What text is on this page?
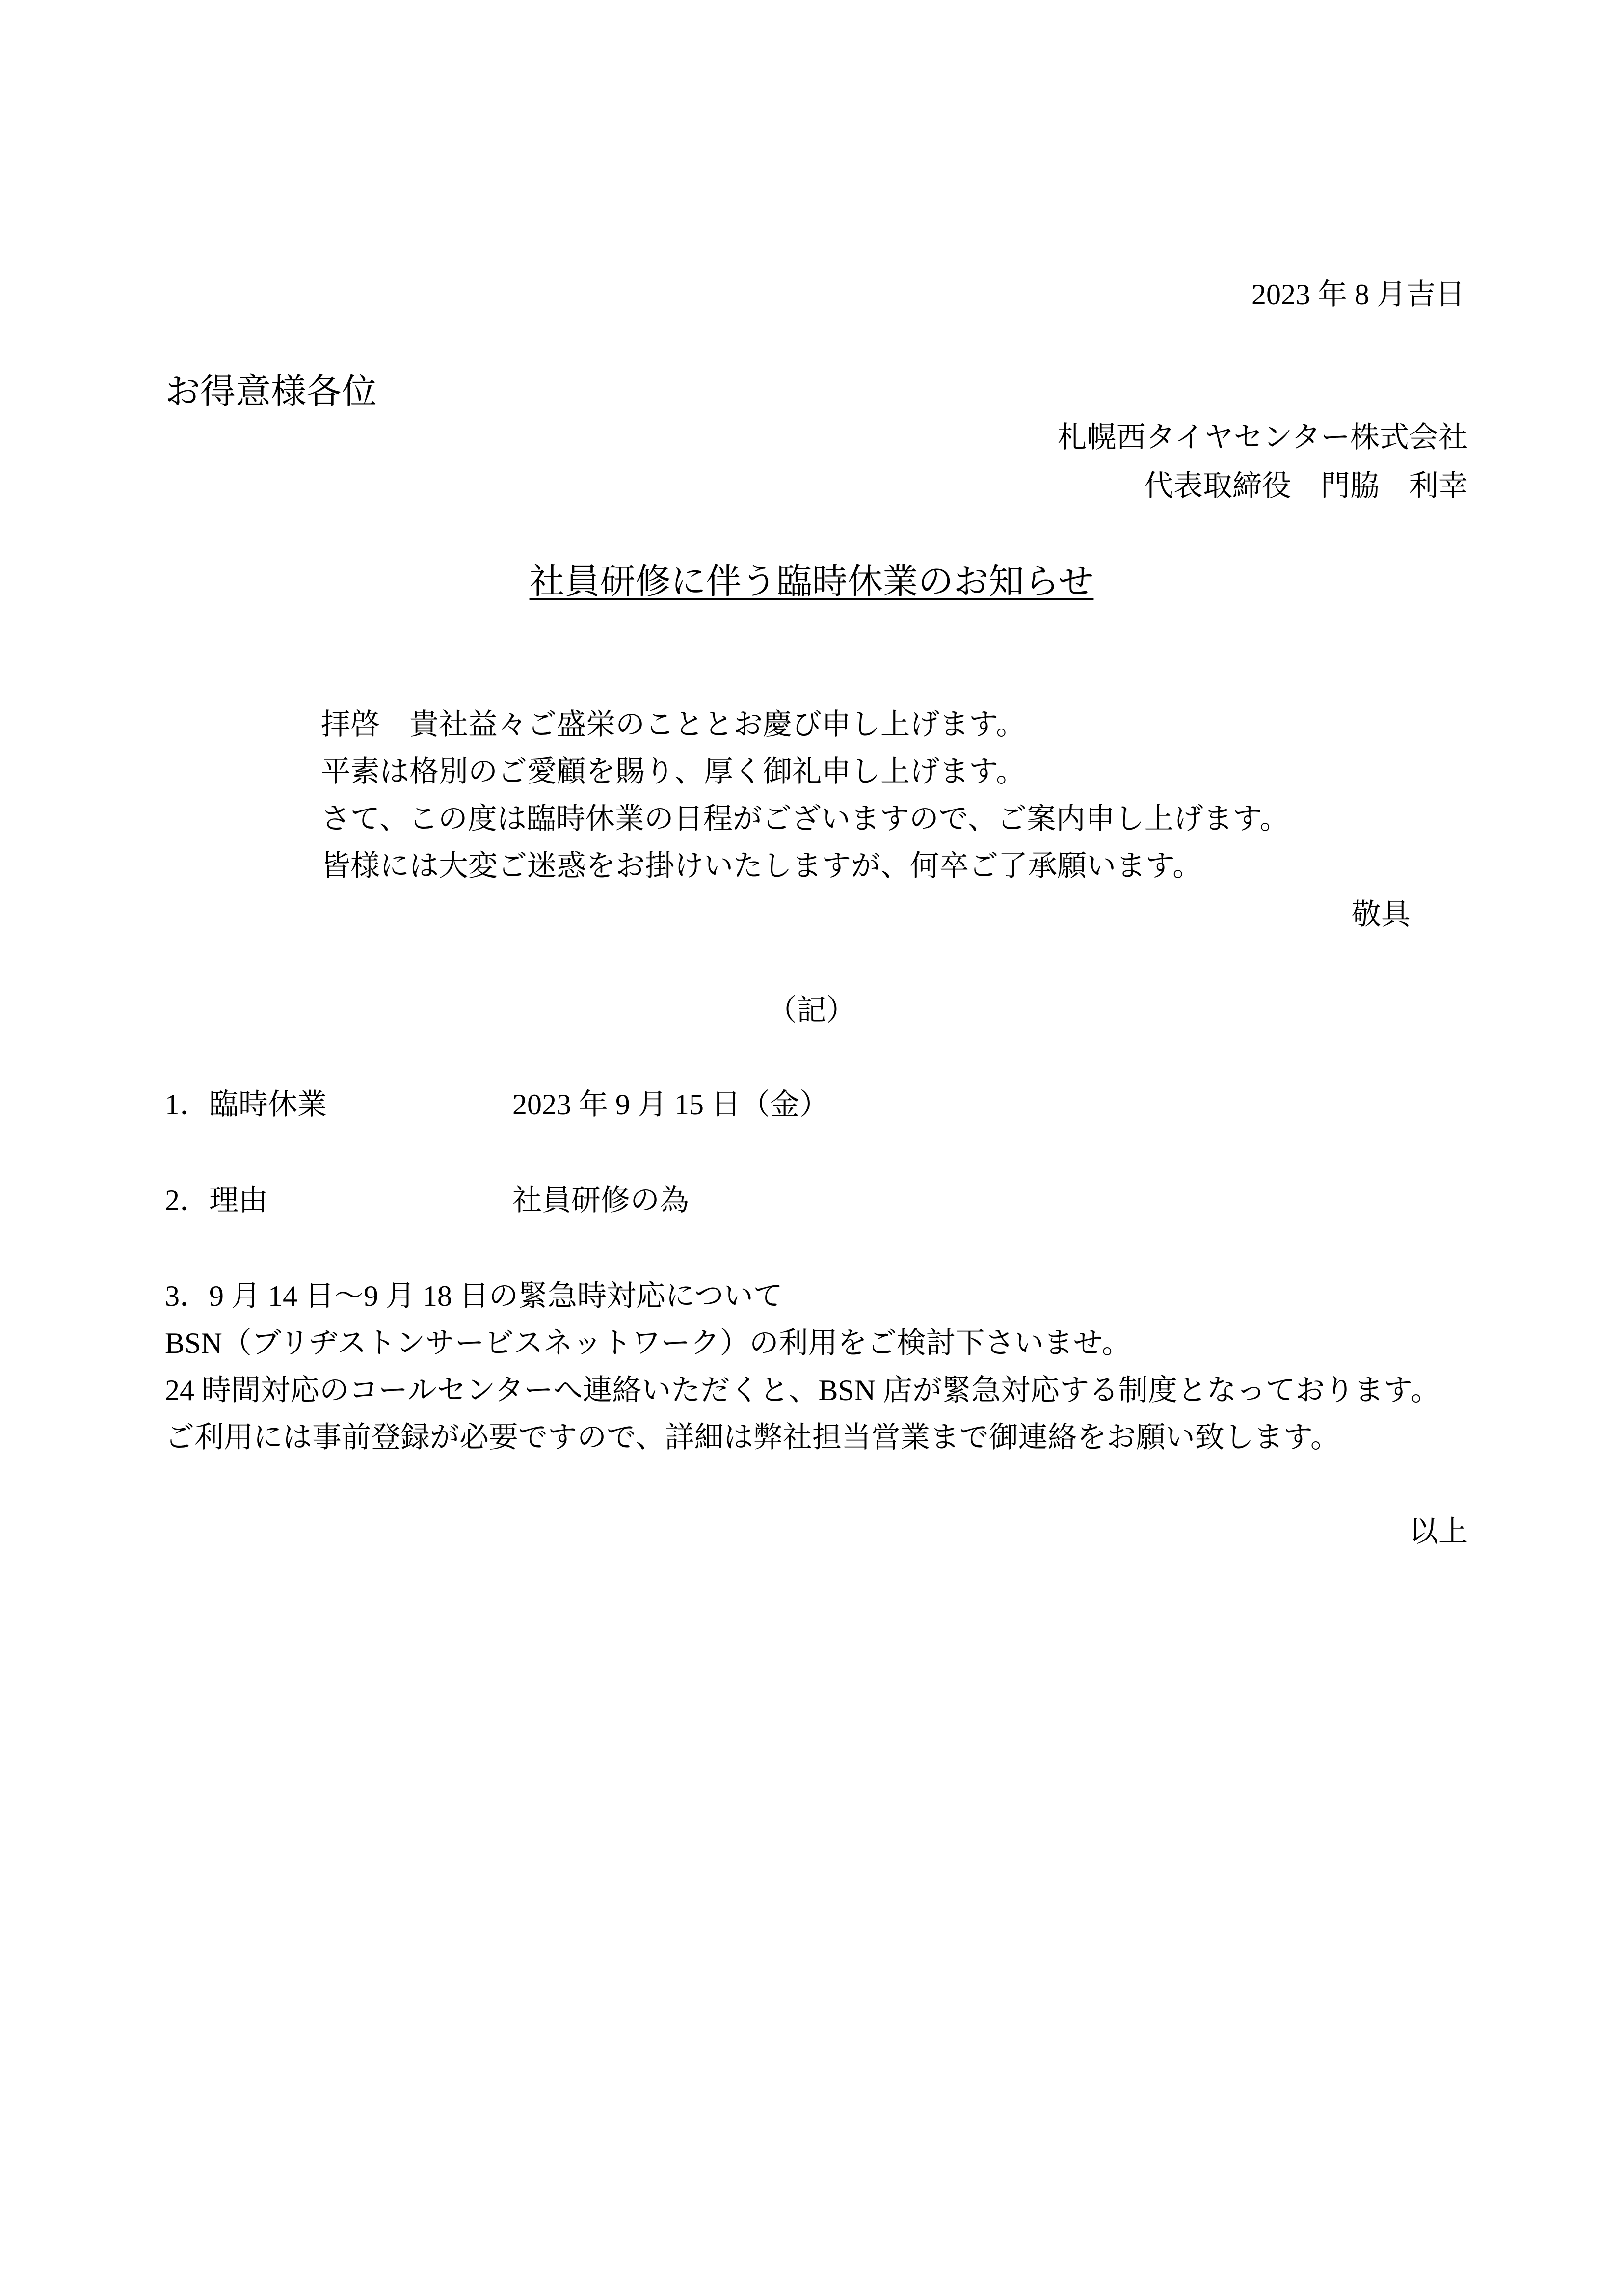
2023 年 8 月吉日
お得意様各位
札幌西タイヤセンター株式会社
代表取締役　門脇　利幸
社員研修に伴う臨時休業のお知らせ
拝啓　貴社益々ご盛栄のこととお慶び申し上げます。
平素は格別のご愛顧を賜り、厚く御礼申し上げます。
さて、この度は臨時休業の日程がございますので、ご案内申し上げます。
皆様には大変ご迷惑をお掛けいたしますが、何卒ご了承願います。
敬具
（記）
1．臨時休業	2023 年 9 月 15 日（金）
2．理由	社員研修の為
3．9 月 14 日～9 月 18 日の緊急時対応について
BSN（ブリヂストンサービスネットワーク）の利用をご検討下さいませ。
24 時間対応のコールセンターへ連絡いただくと、BSN 店が緊急対応する制度となっております。
ご利用には事前登録が必要ですので、詳細は弊社担当営業まで御連絡をお願い致します。
以上
